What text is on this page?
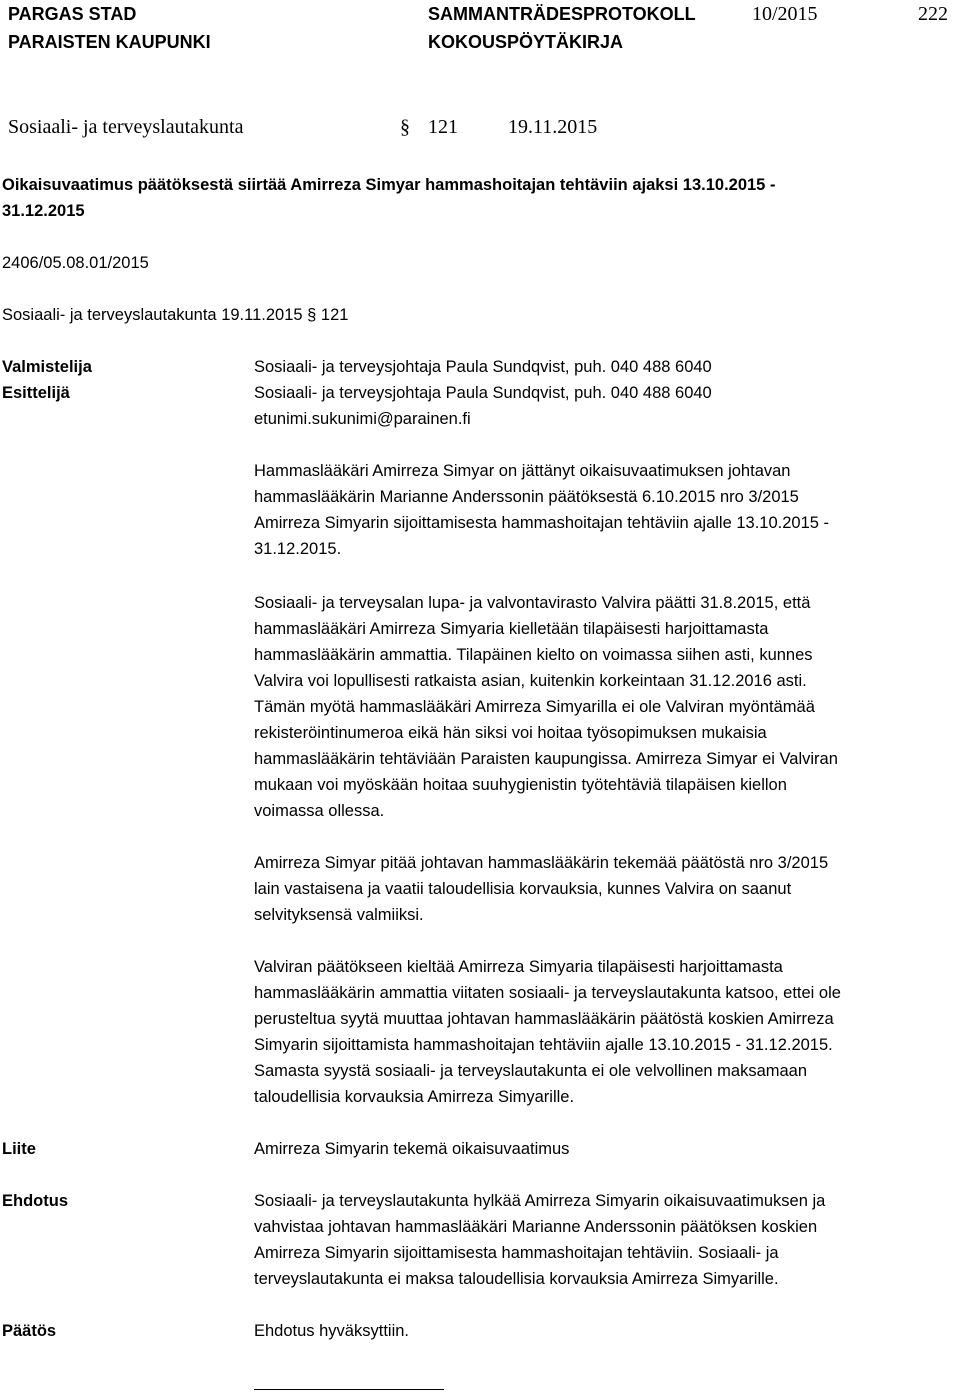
PARGAS STAD
PARAISTEN KAUPUNKI
SAMMANTRÄDESPROTOKOLL
KOKOUSPÖYTÄKIRJA
10/2015	222
Sosiaali- ja terveyslautakunta	§ 121	19.11.2015
Oikaisuvaatimus päätöksestä siirtää Amirreza Simyar hammashoitajan tehtäviin ajaksi 13.10.2015 -
31.12.2015
2406/05.08.01/2015
Sosiaali- ja terveyslautakunta 19.11.2015 § 121
Valmistelija	Sosiaali- ja terveysjohtaja Paula Sundqvist, puh. 040 488 6040
Esittelijä	Sosiaali- ja terveysjohtaja Paula Sundqvist, puh. 040 488 6040
etunimi.sukunimi@parainen.fi
Hammaslääkäri Amirreza Simyar on jättänyt oikaisuvaatimuksen johtavan
hammaslääkärin Marianne Anderssonin päätöksestä 6.10.2015 nro 3/2015
Amirreza Simyarin sijoittamisesta hammashoitajan tehtäviin ajalle 13.10.2015 -
31.12.2015.
Sosiaali- ja terveysalan lupa- ja valvontavirasto Valvira päätti 31.8.2015, että
hammaslääkäri Amirreza Simyaria kielletään tilapäisesti harjoittamasta
hammaslääkärin ammattia. Tilapäinen kielto on voimassa siihen asti, kunnes
Valvira voi lopullisesti ratkaista asian, kuitenkin korkeintaan 31.12.2016 asti.
Tämän myötä hammaslääkäri Amirreza Simyarilla ei ole Valviran myöntämää
rekisteröintinumeroa eikä hän siksi voi hoitaa työsopimuksen mukaisia
hammaslääkärin tehtäviään Paraisten kaupungissa. Amirreza Simyar ei Valviran
mukaan voi myöskään hoitaa suuhygienistin työtehtäviä tilapäisen kiellon
voimassa ollessa.
Amirreza Simyar pitää johtavan hammaslääkärin tekemää päätöstä nro 3/2015
lain vastaisena ja vaatii taloudellisia korvauksia, kunnes Valvira on saanut
selvityksensä valmiiksi.
Valviran päätökseen kieltää Amirreza Simyaria tilapäisesti harjoittamasta
hammaslääkärin ammattia viitaten sosiaali- ja terveyslautakunta katsoo, ettei ole
perusteltua syytä muuttaa johtavan hammaslääkärin päätöstä koskien Amirreza
Simyarin sijoittamista hammashoitajan tehtäviin ajalle 13.10.2015 - 31.12.2015.
Samasta syystä sosiaali- ja terveyslautakunta ei ole velvollinen maksamaan
taloudellisia korvauksia Amirreza Simyarille.
Liite	Amirreza Simyarin tekemä oikaisuvaatimus
Ehdotus	Sosiaali- ja terveyslautakunta hylkää Amirreza Simyarin oikaisuvaatimuksen ja
vahvistaa johtavan hammaslääkäri Marianne Anderssonin päätöksen koskien
Amirreza Simyarin sijoittamisesta hammashoitajan tehtäviin. Sosiaali- ja
terveyslautakunta ei maksa taloudellisia korvauksia Amirreza Simyarille.
Päätös	Ehdotus hyväksyttiin.
